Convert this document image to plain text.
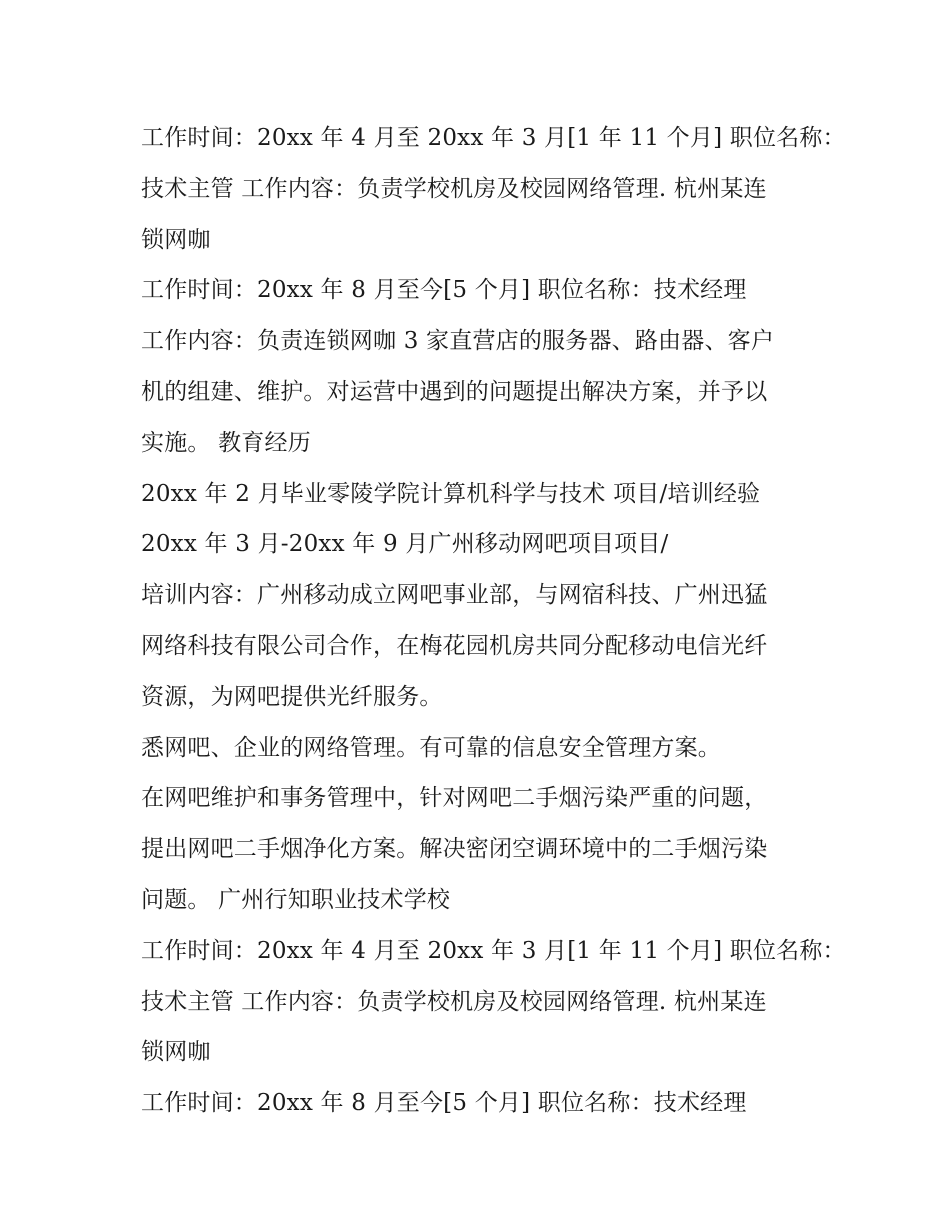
工作时间：20xx 年 4 月至 20xx 年 3 月[1 年 11 个月] 职位名称：
技术主管 工作内容：负责学校机房及校园网络管理. 杭州某连
锁网咖
工作时间：20xx 年 8 月至今[5 个月] 职位名称：技术经理
工作内容：负责连锁网咖 3 家直营店的服务器、路由器、客户
机的组建、维护。对运营中遇到的问题提出解决方案，并予以
实施。 教育经历
20xx 年 2 月毕业零陵学院计算机科学与技术 项目/培训经验
20xx 年 3 月-20xx 年 9 月广州移动网吧项目项目/
培训内容：广州移动成立网吧事业部，与网宿科技、广州迅猛
网络科技有限公司合作，在梅花园机房共同分配移动电信光纤
资源，为网吧提供光纤服务。
悉网吧、企业的网络管理。有可靠的信息安全管理方案。
在网吧维护和事务管理中，针对网吧二手烟污染严重的问题，
提出网吧二手烟净化方案。解决密闭空调环境中的二手烟污染
问题。 广州行知职业技术学校
工作时间：20xx 年 4 月至 20xx 年 3 月[1 年 11 个月] 职位名称：
技术主管 工作内容：负责学校机房及校园网络管理. 杭州某连
锁网咖
工作时间：20xx 年 8 月至今[5 个月] 职位名称：技术经理
